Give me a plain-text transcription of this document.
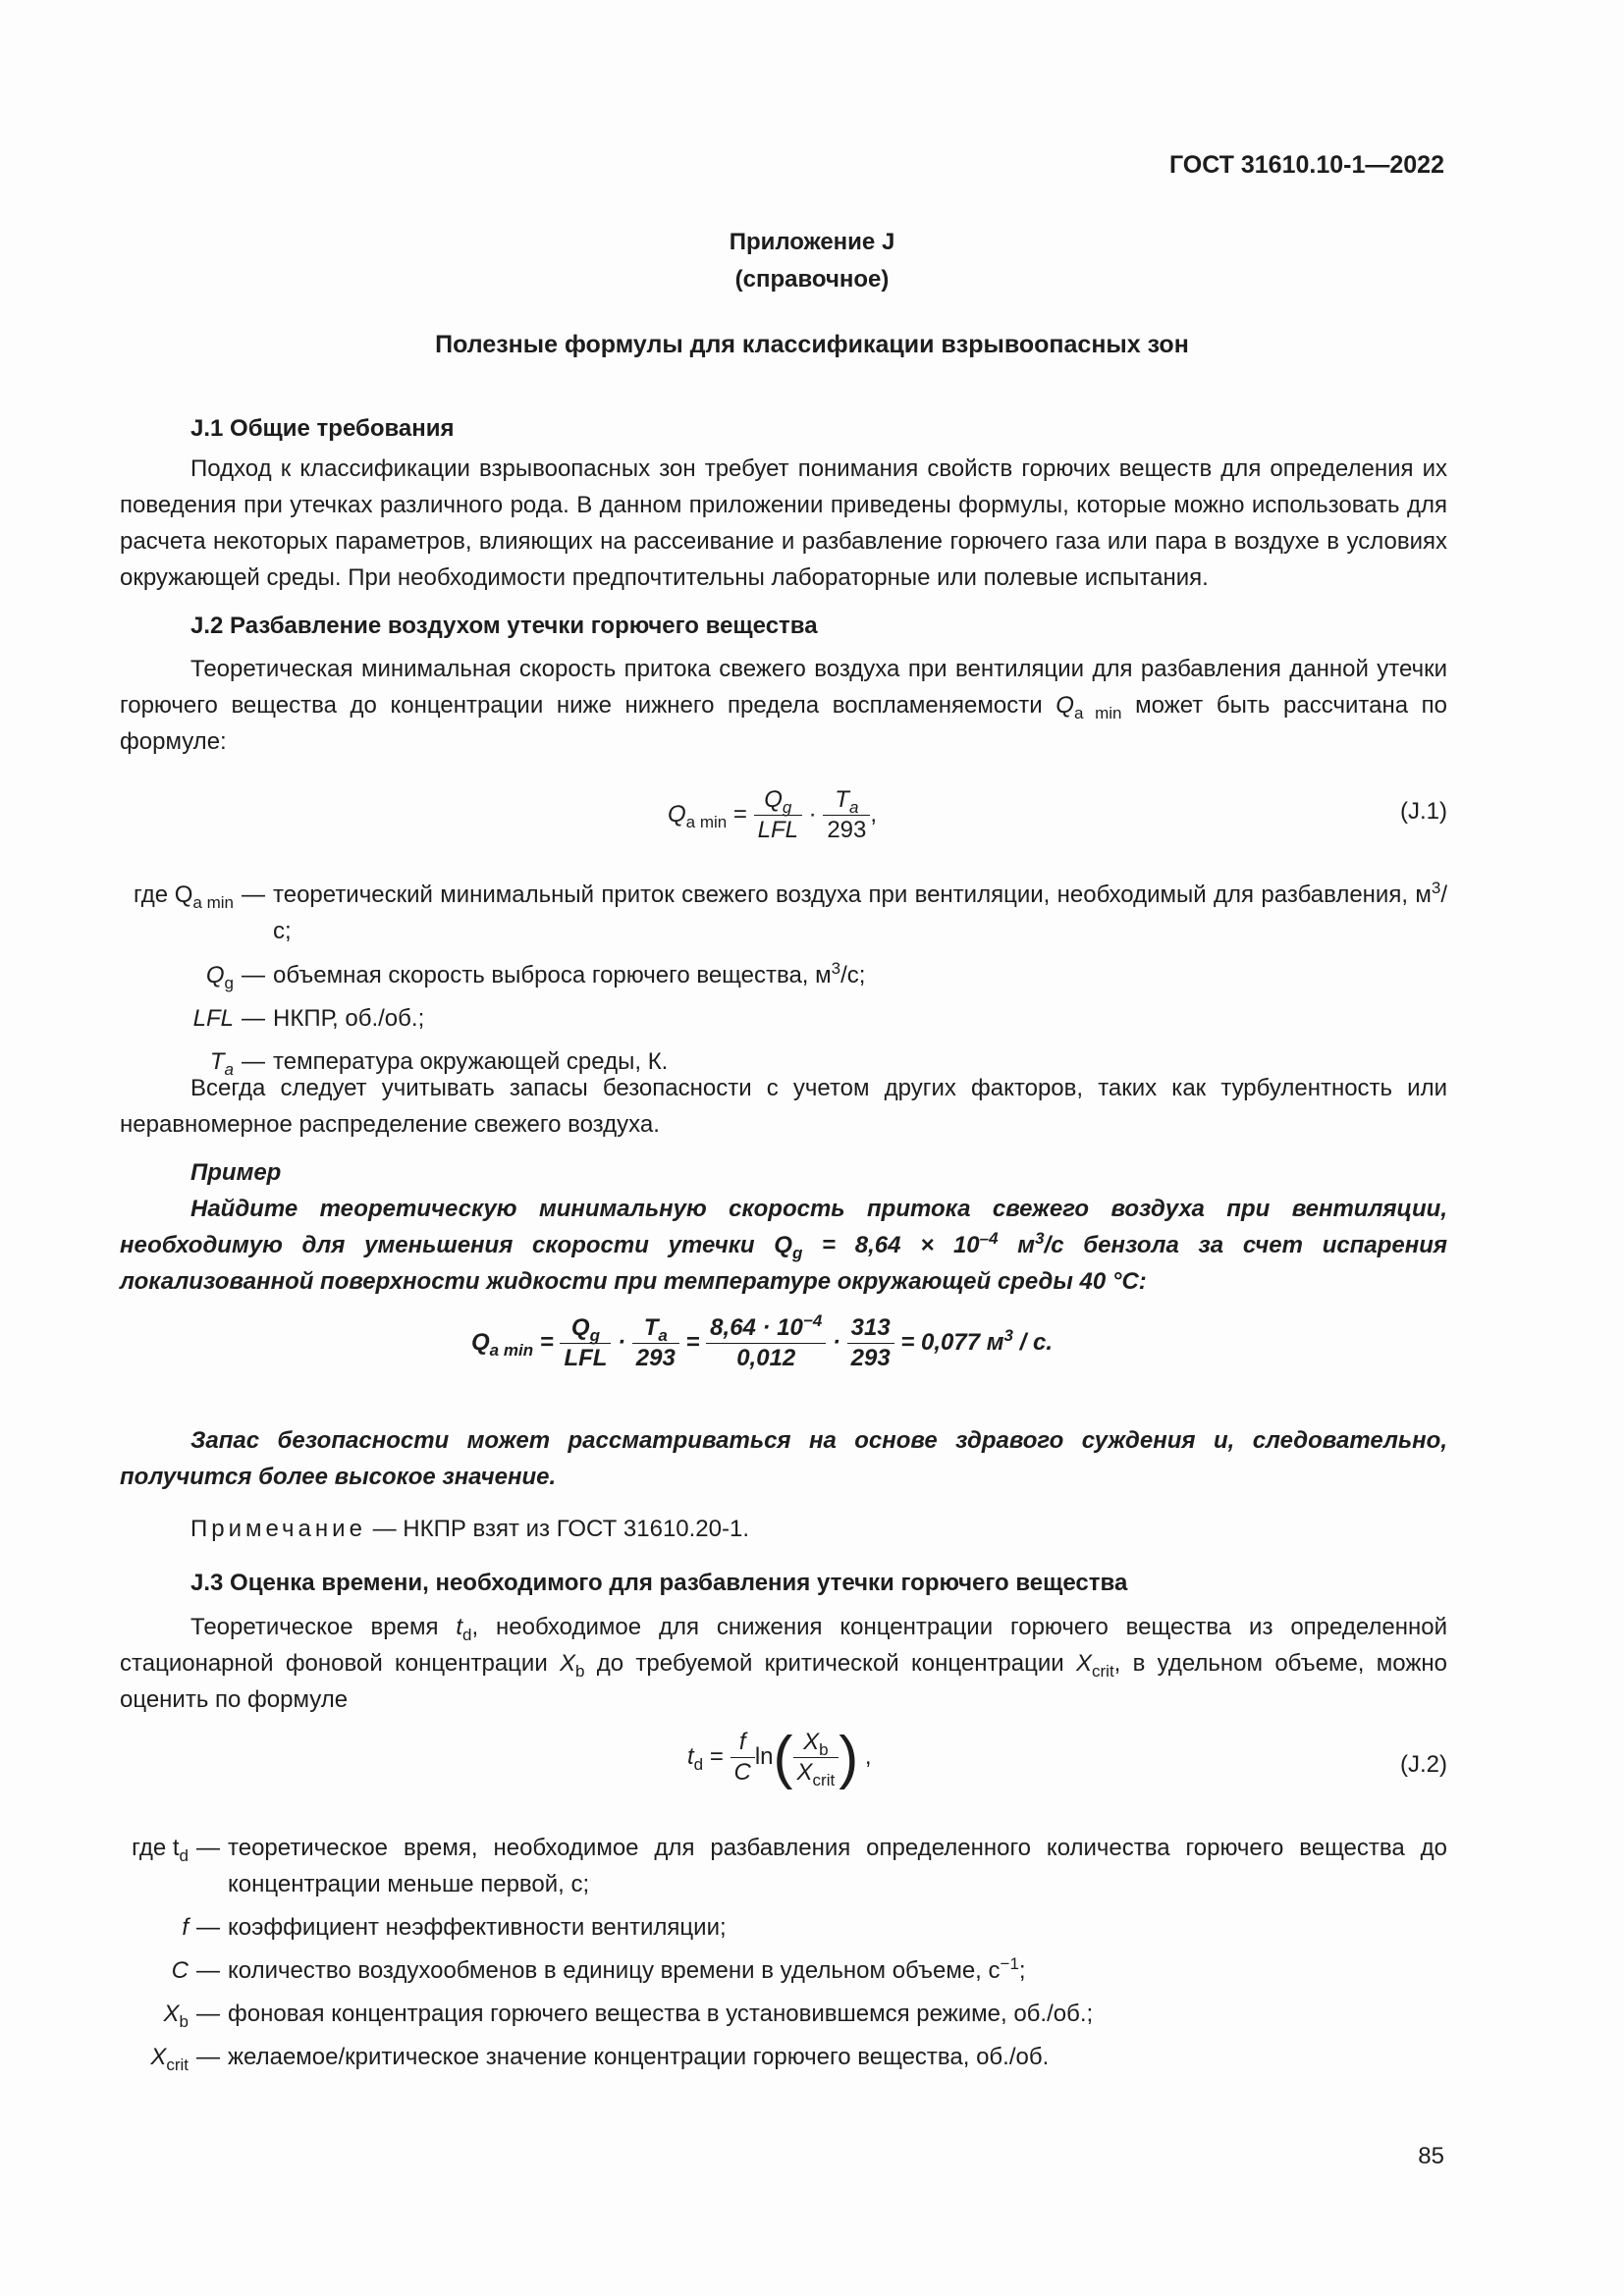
ГОСТ 31610.10-1—2022
Приложение J
(справочное)
Полезные формулы для классификации взрывоопасных зон
J.1 Общие требования
Подход к классификации взрывоопасных зон требует понимания свойств горючих веществ для определения их поведения при утечках различного рода. В данном приложении приведены формулы, которые можно использовать для расчета некоторых параметров, влияющих на рассеивание и разбавление горючего газа или пара в воздухе в условиях окружающей среды. При необходимости предпочтительны лабораторные или полевые испытания.
J.2 Разбавление воздухом утечки горючего вещества
Теоретическая минимальная скорость притока свежего воздуха при вентиляции для разбавления данной утечки горючего вещества до концентрации ниже нижнего предела воспламеняемости $Q_{a min}$ может быть рассчитана по формуле:
$Q_{a min} = \frac{Q_g}{\text{LFL}} \cdot \frac{T_a}{293}$ ,	(J.1)
где $Q_{a min}$ — теоретический минимальный приток свежего воздуха при вентиляции, необходимый для разбавления, $м^3/с$;
$Q_g$ — объемная скорость выброса горючего вещества, $м^3/с$;
LFL — НКПР, об./об.;
$T_a$ — температура окружающей среды, К.
Всегда следует учитывать запасы безопасности с учетом других факторов, таких как турбулентность или неравномерное распределение свежего воздуха.
Пример
Найдите теоретическую минимальную скорость притока свежего воздуха при вентиляции, необходимую для уменьшения скорости утечки $Q_g = 8,64 \times 10^{-4}$ $м^3/с$ бензола за счет испарения локализованной поверхности жидкости при температуре окружающей среды 40 °С:
$Q_{a min} = \frac{Q_g}{\text{LFL}} \cdot \frac{T_a}{293} = \frac{8,64 \cdot 10^{-4}}{0,012} \cdot \frac{313}{293} = 0,077$ $м^3$ / с.
Запас безопасности может рассматриваться на основе здравого суждения и, следовательно, получится более высокое значение.
Примечание — НКПР взят из ГОСТ 31610.20-1.
J.3 Оценка времени, необходимого для разбавления утечки горючего вещества
Теоретическое время $t_d$, необходимое для снижения концентрации горючего вещества из определенной стационарной фоновой концентрации $X_b$ до требуемой критической концентрации $X_{crit}$, в удельном объеме, можно оценить по формуле
$t_d = \frac{f}{C} \ln( \frac{X_b}{X_{crit}}$ ) ,	(J.2)
где $t_d$ — теоретическое время, необходимое для разбавления определенного количества горючего вещества до концентрации меньше первой, с;
f — коэффициент неэффективности вентиляции;
C — количество воздухообменов в единицу времени в удельном объеме, $с^{-1}$;
$X_b$ — фоновая концентрация горючего вещества в установившемся режиме, об./об.;
$X_{crit}$ — желаемое/критическое значение концентрации горючего вещества, об./об.
85
